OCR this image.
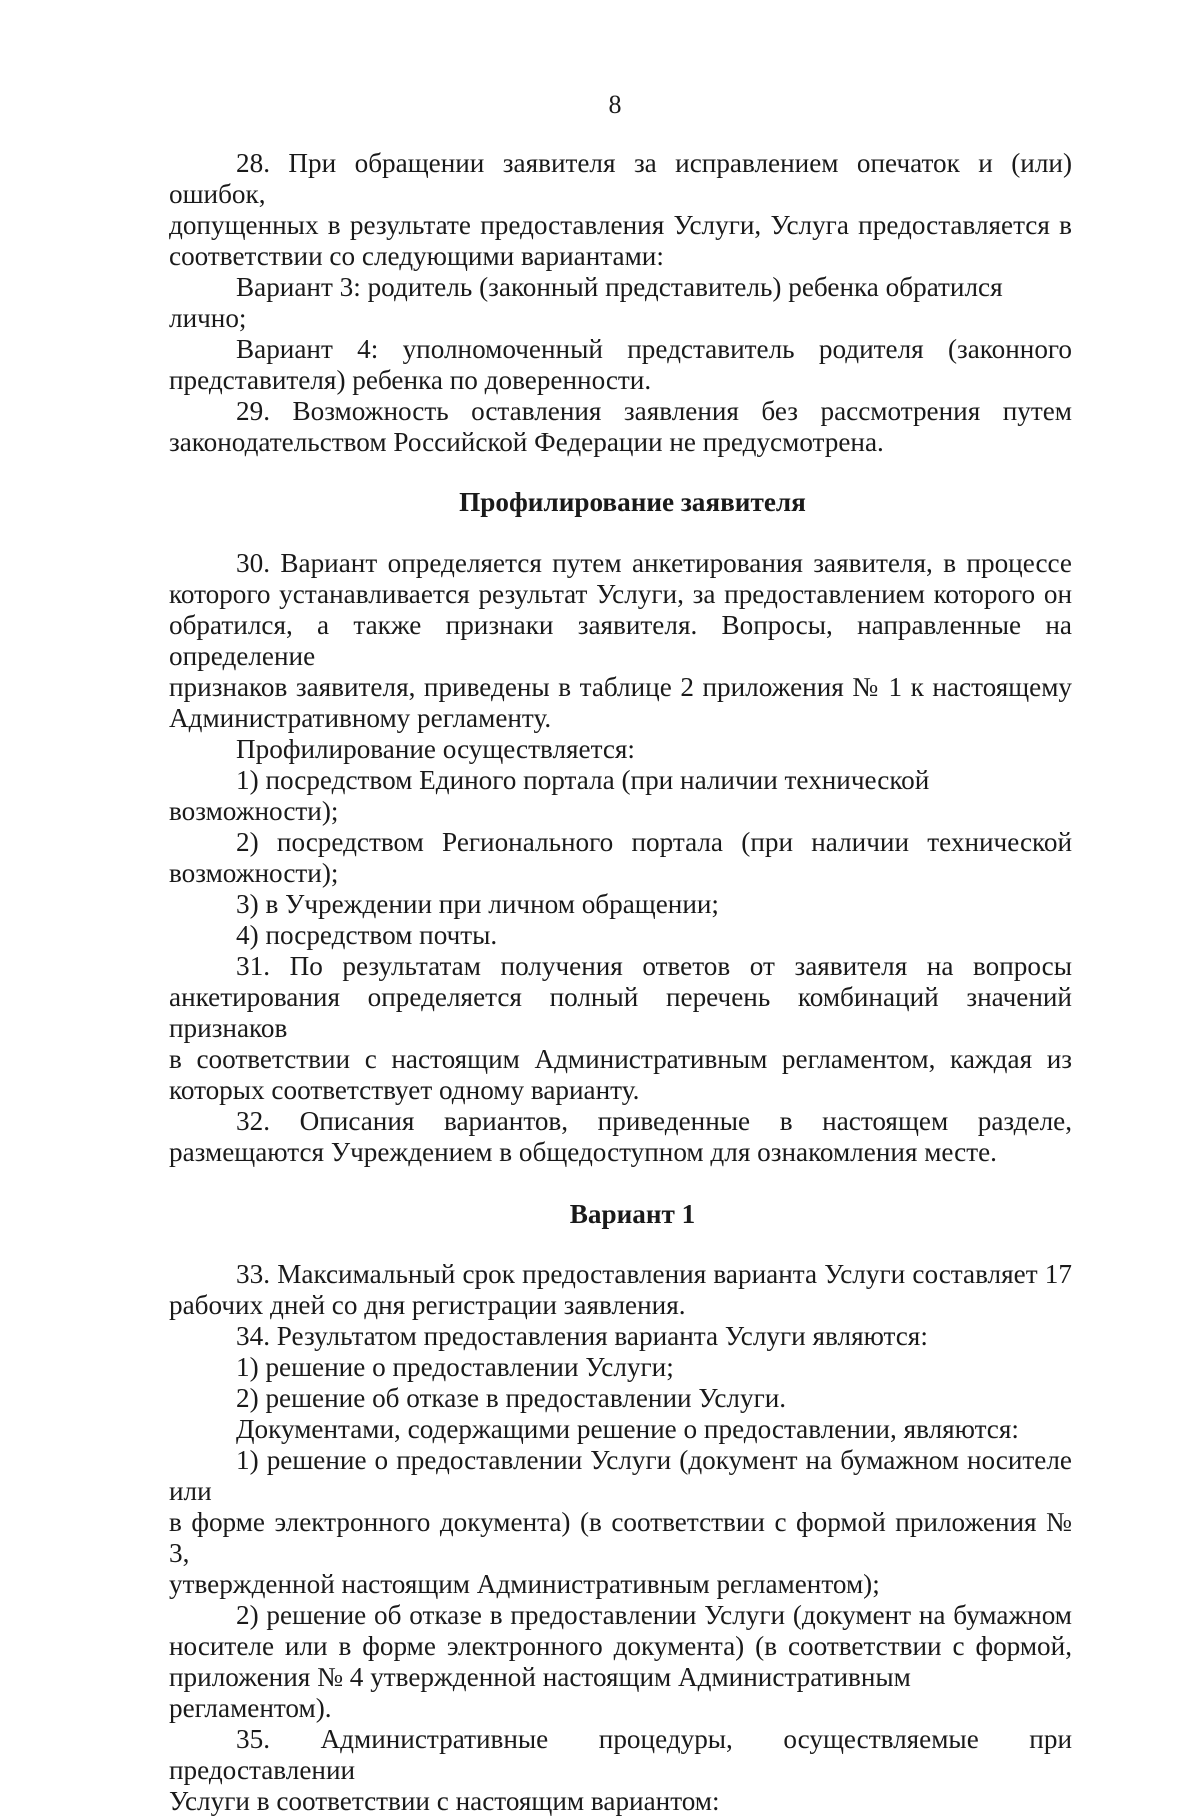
8

28. При обращении заявителя за исправлением опечаток и (или) ошибок,

допущенных в результате предоставления Услуги, Услуга предоставляется в

соответствии со следующими вариантами:

Вариант 3: родитель (законный представитель) ребенка обратился лично;

Вариант 4: уполномоченный представитель родителя (законного

представителя) ребенка по доверенности.

29. Возможность оставления заявления без рассмотрения путем

законодательством Российской Федерации не предусмотрена.

Профилирование заявителя

30. Вариант определяется путем анкетирования заявителя, в процессе

которого устанавливается результат Услуги, за предоставлением которого он

обратился, а также признаки заявителя. Вопросы, направленные на определение

признаков заявителя, приведены в таблице 2 приложения № 1 к настоящему

Административному регламенту.

Профилирование осуществляется:

1) посредством Единого портала (при наличии технической возможности);

2) посредством Регионального портала (при наличии технической

возможности);

3) в Учреждении при личном обращении;

4) посредством почты.

31. По результатам получения ответов от заявителя на вопросы

анкетирования определяется полный перечень комбинаций значений признаков

в соответствии с настоящим Административным регламентом, каждая из

которых соответствует одному варианту.

32. Описания вариантов, приведенные в настоящем разделе,

размещаются Учреждением в общедоступном для ознакомления месте.

Вариант 1

33. Максимальный срок предоставления варианта Услуги составляет 17

рабочих дней со дня регистрации заявления.

34. Результатом предоставления варианта Услуги являются:

1) решение о предоставлении Услуги;

2) решение об отказе в предоставлении Услуги.

Документами, содержащими решение о предоставлении, являются:

1) решение о предоставлении Услуги (документ на бумажном носителе или

в форме электронного документа) (в соответствии с формой приложения № 3,

утвержденной настоящим Административным регламентом);

2) решение об отказе в предоставлении Услуги (документ на бумажном

носителе или в форме электронного документа) (в соответствии с формой,

приложения № 4 утвержденной настоящим Административным регламентом).

35. Административные процедуры, осуществляемые при предоставлении

Услуги в соответствии с настоящим вариантом:
